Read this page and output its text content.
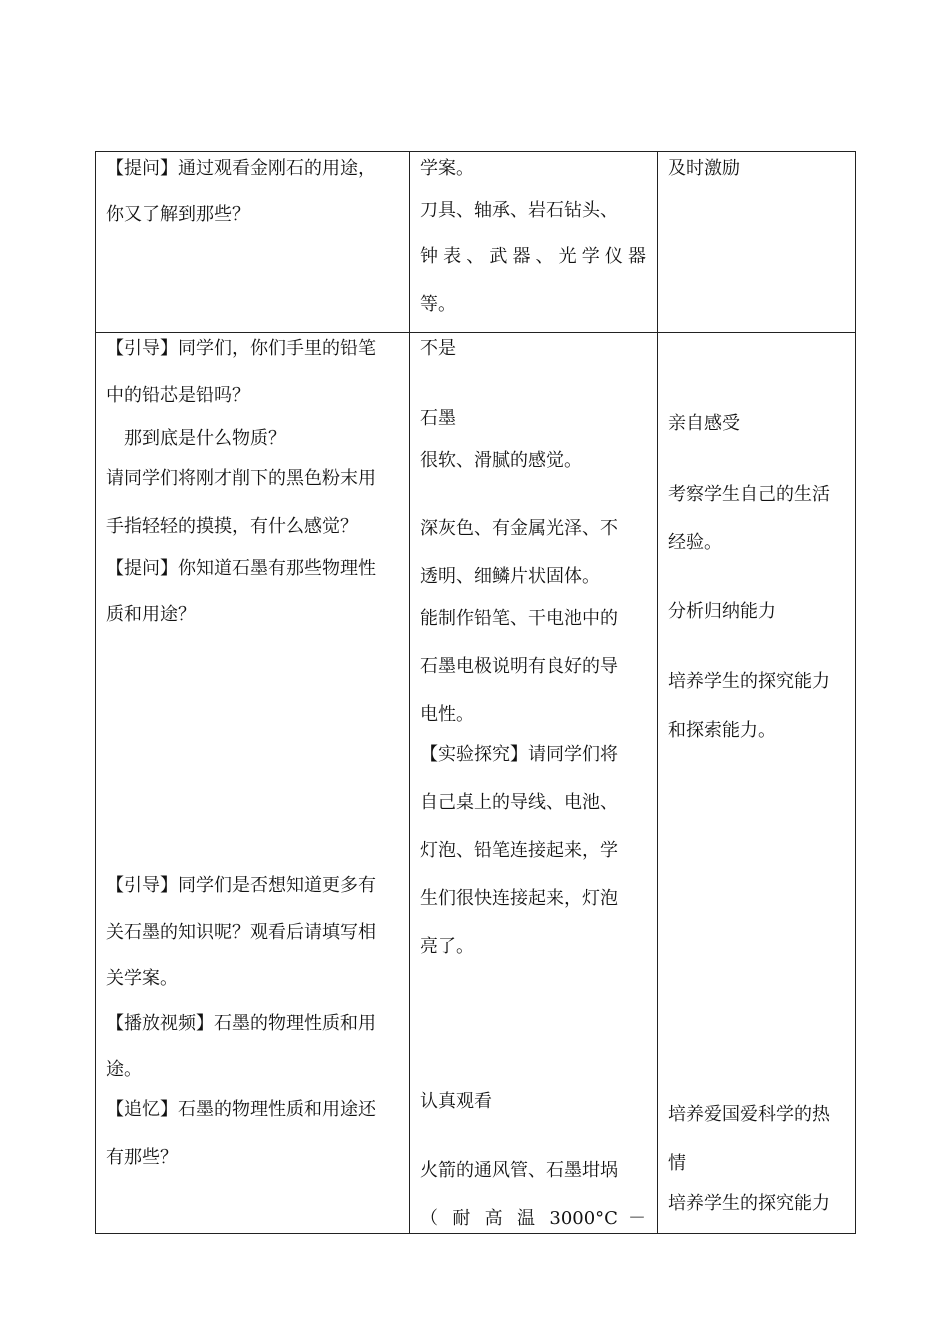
【提问】通过观看金刚石的用途，
你又了解到那些？
学案。
刀具、轴承、岩石钻头、
钟表、武器、光学仪器
等。
及时激励
【引导】同学们，你们手里的铅笔
中的铅芯是铅吗？
那到底是什么物质？
请同学们将刚才削下的黑色粉末用
手指轻轻的摸摸，有什么感觉？
【提问】你知道石墨有那些物理性
质和用途？
【引导】同学们是否想知道更多有
关石墨的知识呢？观看后请填写相
关学案。
【播放视频】石墨的物理性质和用
途。
【追忆】石墨的物理性质和用途还
有那些？
不是
石墨
很软、滑腻的感觉。
深灰色、有金属光泽、不
透明、细鳞片状固体。
能制作铅笔、干电池中的
石墨电极说明有良好的导
电性。
【实验探究】请同学们将
自己桌上的导线、电池、
灯泡、铅笔连接起来，学
生们很快连接起来，灯泡
亮了。
认真观看
火箭的通风管、石墨坩埚
（ 耐 高 温 3000°C －
亲自感受
考察学生自己的生活
经验。
分析归纳能力
培养学生的探究能力
和探索能力。
培养爱国爱科学的热
情
培养学生的探究能力
